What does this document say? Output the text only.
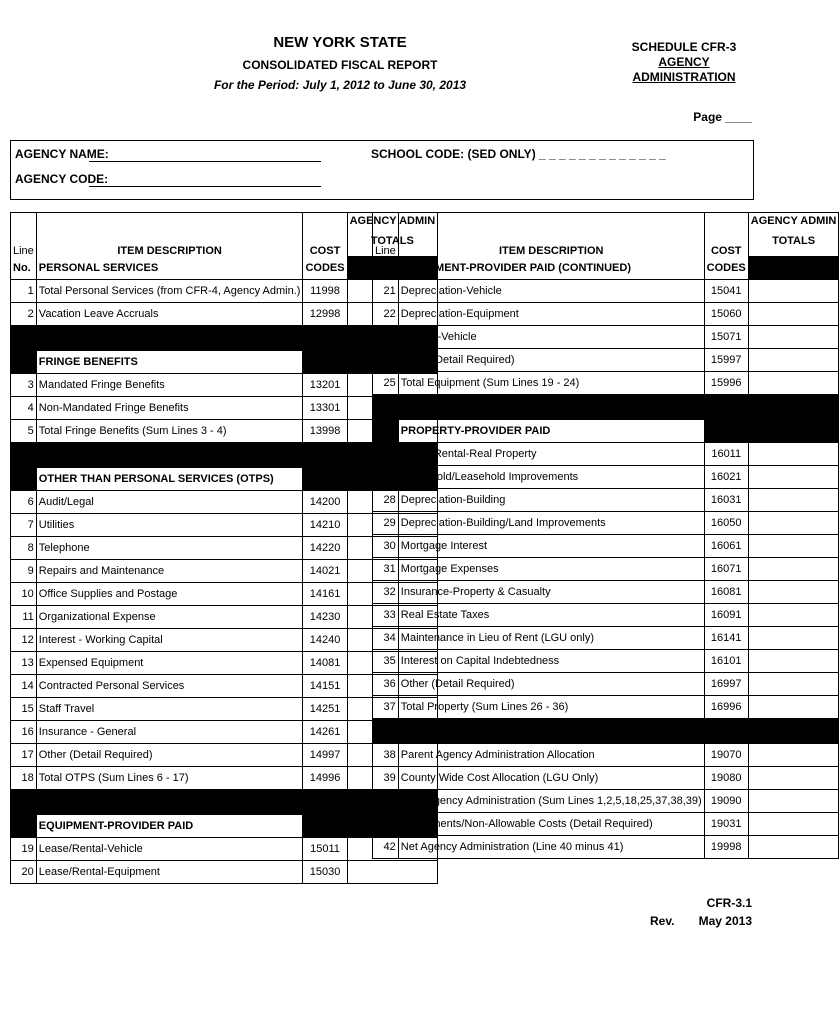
NEW YORK STATE
CONSOLIDATED FISCAL REPORT
For the Period: July 1, 2012 to June 30, 2013
SCHEDULE CFR-3
AGENCY
ADMINISTRATION
Page ____
AGENCY NAME:	SCHOOL CODE: (SED ONLY) _ _ _ _ _ _ _ _ _ _ _ _ _
AGENCY CODE:
Line	ITEM DESCRIPTION	COST	AGENCY ADMIN
TOTALS

No.	PERSONAL SERVICES	CODES	
1	Total Personal Services (from CFR-4, Agency Admin.)	11998	
2	Vacation Leave Accruals	12998	

	FRINGE BENEFITS		
3	Mandated Fringe Benefits	13201	
4	Non-Mandated Fringe Benefits	13301	
5	Total Fringe Benefits (Sum Lines 3 - 4)	13998	

	OTHER THAN PERSONAL SERVICES (OTPS)		
6	Audit/Legal	14200	
7	Utilities	14210	
8	Telephone	14220	
9	Repairs and Maintenance	14021	
10	Office Supplies and Postage	14161	
11	Organizational Expense	14230	
12	Interest - Working Capital	14240	
13	Expensed Equipment	14081	
14	Contracted Personal Services	14151	
15	Staff Travel	14251	
16	Insurance - General	14261	
17	Other (Detail Required)	14997	
18	Total OTPS (Sum Lines 6 - 17)	14996	

	EQUIPMENT-PROVIDER PAID		
19	Lease/Rental-Vehicle	15011	
20	Lease/Rental-Equipment	15030	
Line	ITEM DESCRIPTION	COST	AGENCY ADMIN
TOTALS

No.	EQUIPMENT-PROVIDER PAID (CONTINUED)	CODES	
21	Depreciation-Vehicle	15041	
22	Depreciation-Equipment	15060	
23	Interest-Vehicle	15071	
24	Other (Detail Required)	15997	
25	Total Equipment (Sum Lines 19 - 24)	15996	

	PROPERTY-PROVIDER PAID		
26	Lease/Rental-Real Property	16011	
27	Leasehold/Leasehold Improvements	16021	
28	Depreciation-Building	16031	
29	Depreciation-Building/Land Improvements	16050	
30	Mortgage Interest	16061	
31	Mortgage Expenses	16071	
32	Insurance-Property & Casualty	16081	
33	Real Estate Taxes	16091	
34	Maintenance in Lieu of Rent (LGU only)	16141	
35	Interest on Capital Indebtedness	16101	
36	Other (Detail Required)	16997	
37	Total Property (Sum Lines 26 - 36)	16996	

38	Parent Agency Administration Allocation	19070	
39	County Wide Cost Allocation (LGU Only)	19080	
40	Total Agency Administration (Sum Lines 1,2,5,18,25,37,38,39)	19090	
41	Adjustments/Non-Allowable Costs (Detail Required)	19031	
42	Net Agency Administration (Line 40 minus 41)	19998	
CFR-3.1
Rev. May 2013
